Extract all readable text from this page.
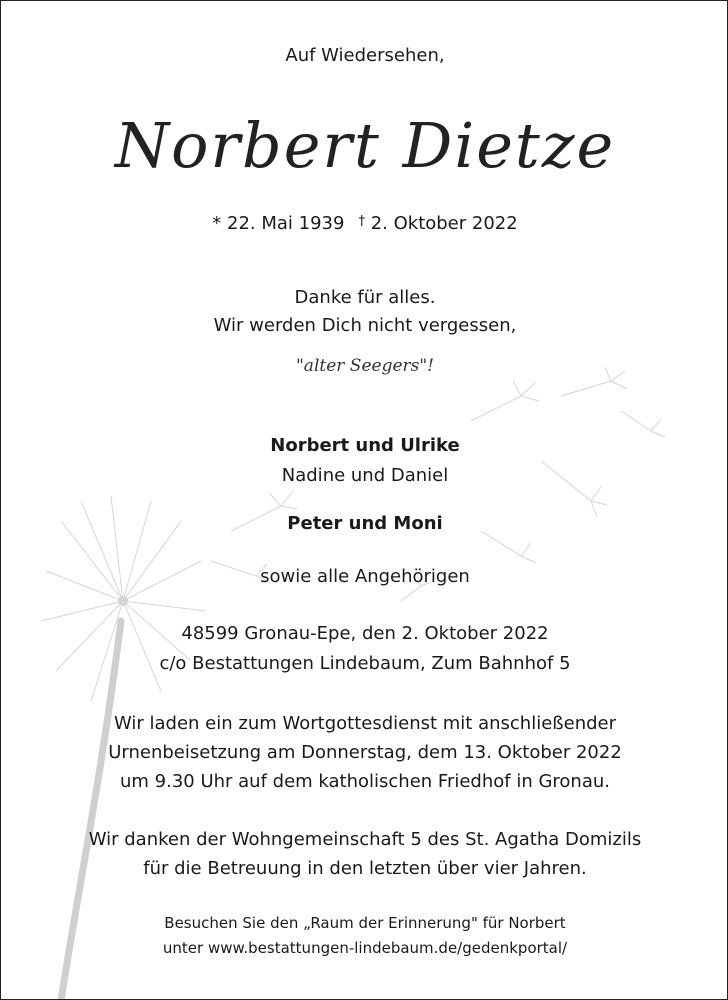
Auf Wiedersehen,
Norbert Dietze
* 22. Mai 1939 † 2. Oktober 2022
Danke für alles.
Wir werden Dich nicht vergessen,
"alter Seegers"!
Norbert und Ulrike
Nadine und Daniel
Peter und Moni
sowie alle Angehörigen
48599 Gronau-Epe, den 2. Oktober 2022
c/o Bestattungen Lindebaum, Zum Bahnhof 5
Wir laden ein zum Wortgottesdienst mit anschließender
Urnenbeisetzung am Donnerstag, dem 13. Oktober 2022
um 9.30 Uhr auf dem katholischen Friedhof in Gronau.
Wir danken der Wohngemeinschaft 5 des St. Agatha Domizils
für die Betreuung in den letzten über vier Jahren.
Besuchen Sie den „Raum der Erinnerung" für Norbert
unter www.bestattungen-lindebaum.de/gedenkportal/
